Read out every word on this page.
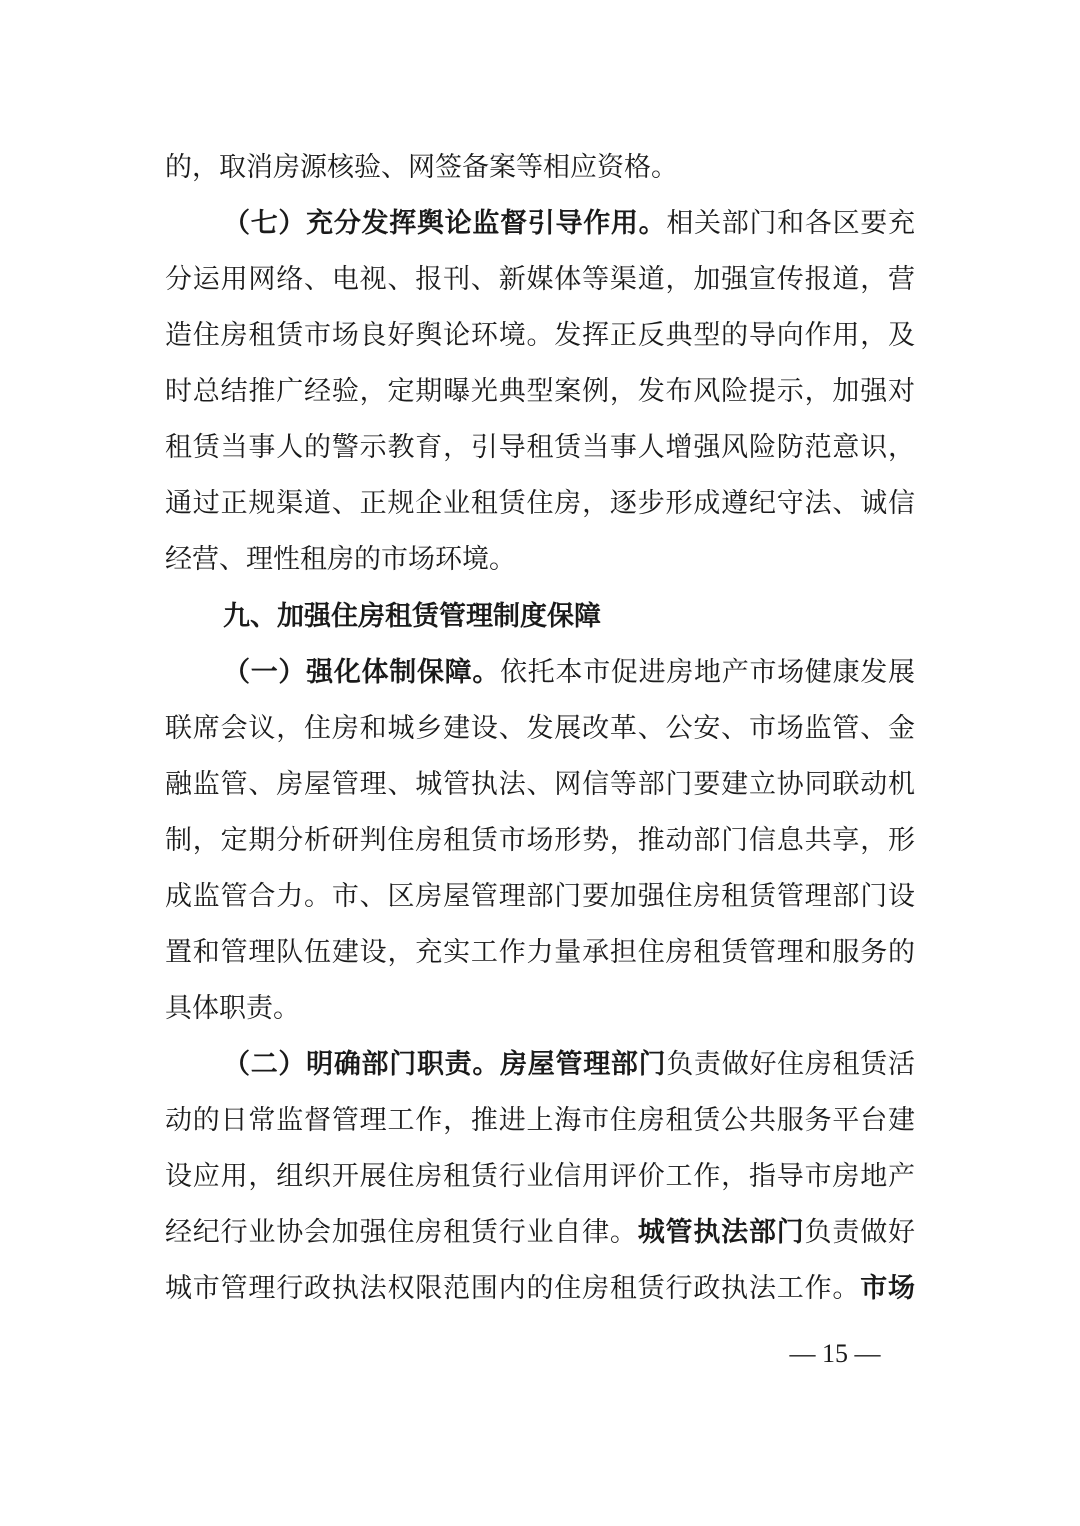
的，取消房源核验、网签备案等相应资格。
（七）充分发挥舆论监督引导作用。相关部门和各区要充
分运用网络、电视、报刊、新媒体等渠道，加强宣传报道，营
造住房租赁市场良好舆论环境。发挥正反典型的导向作用，及
时总结推广经验，定期曝光典型案例，发布风险提示，加强对
租赁当事人的警示教育，引导租赁当事人增强风险防范意识，
通过正规渠道、正规企业租赁住房，逐步形成遵纪守法、诚信
经营、理性租房的市场环境。
九、加强住房租赁管理制度保障
（一）强化体制保障。依托本市促进房地产市场健康发展
联席会议，住房和城乡建设、发展改革、公安、市场监管、金
融监管、房屋管理、城管执法、网信等部门要建立协同联动机
制，定期分析研判住房租赁市场形势，推动部门信息共享，形
成监管合力。市、区房屋管理部门要加强住房租赁管理部门设
置和管理队伍建设，充实工作力量承担住房租赁管理和服务的
具体职责。
（二）明确部门职责。房屋管理部门负责做好住房租赁活
动的日常监督管理工作，推进上海市住房租赁公共服务平台建
设应用，组织开展住房租赁行业信用评价工作，指导市房地产
经纪行业协会加强住房租赁行业自律。城管执法部门负责做好
城市管理行政执法权限范围内的住房租赁行政执法工作。市场
— 15 —
